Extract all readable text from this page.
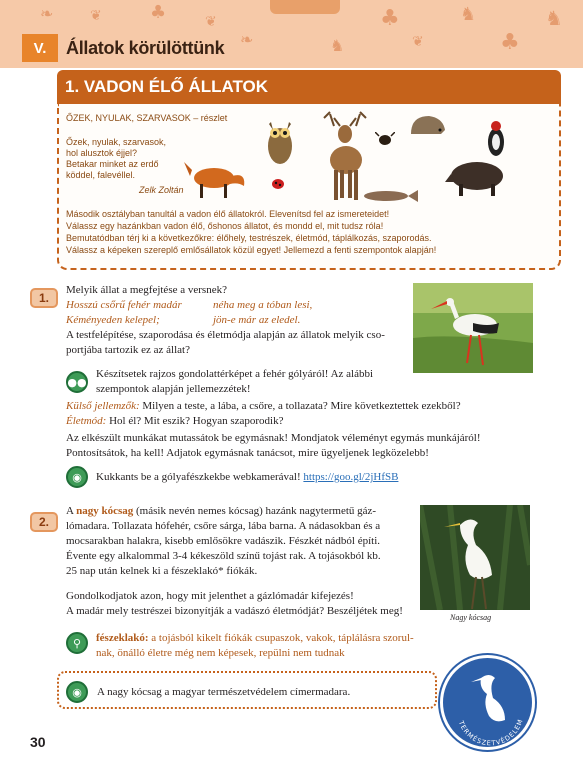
♣	❦
❧	♞
♣
❦
♞
♣
♞
❧	❦
V.	Állatok körülöttünk
1. VADON ÉLŐ ÁLLATOK
ŐZEK, NYULAK, SZARVASOK – részlet
Őzek, nyulak, szarvasok,
hol alusztok éjjel?
Betakar minket az erdő
köddel, falevéllel.
Zelk Zoltán
Második osztályban tanultál a vadon élő állatokról. Elevenítsd fel az ismereteidet!
Válassz egy hazánkban vadon élő, őshonos állatot, és mondd el, mit tudsz róla!
Bemutatódban térj ki a következőkre: élőhely, testrészek, életmód, táplálkozás, szaporodás.
Válassz a képeken szereplő emlősállatok közül egyet! Jellemezd a fenti szempontok alapján!
1.
Melyik állat a megfejtése a versnek?
Hosszú csőrű fehér madár
Kéményeden kelepel;
néha meg a tóban lesi,
jön-e már az eledel.
A testfelépítése, szaporodása és életmódja alapján az állatok melyik cso-
portjába tartozik ez az állat?
●●
Készítsetek rajzos gondolattérképet a fehér gólyáról! Az alábbi
szempontok alapján jellemezzétek!
Külső jellemzők: Milyen a teste, a lába, a csőre, a tollazata? Mire következtettek ezekből?
Életmód: Hol él? Mit eszik? Hogyan szaporodik?
Az elkészült munkákat mutassátok be egymásnak! Mondjatok véleményt egymás munkájáról!
Pontosítsátok, ha kell! Adjatok egymásnak tanácsot, mire ügyeljenek legközelebb!
◉	Kukkants be a gólyafészkekbe webkamerával! https://goo.gl/2jHfSB
2.
A nagy kócsag (másik nevén nemes kócsag) hazánk nagytermetű gáz-
lómadara. Tollazata hófehér, csőre sárga, lába barna. A nádasokban és a
mocsarakban halakra, kisebb emlősökre vadászik. Fészkét nádból építi.
Évente egy alkalommal 3-4 kékeszöld színű tojást rak. A tojásokból kb.
25 nap után kelnek ki a fészeklakó* fiókák.
Gondolkodjatok azon, hogy mit jelenthet a gázlómadár kifejezés!
A madár mely testrészei bizonyítják a vadászó életmódját? Beszéljétek meg!
Nagy kócsag
⚲	fészeklakó: a tojásból kikelt fiókák csupaszok, vakok, táplálásra szorul-
nak, önálló életre még nem képesek, repülni nem tudnak
◉	A nagy kócsag a magyar természetvédelem címermadara.
TERMÉSZETVÉDELEM
30
